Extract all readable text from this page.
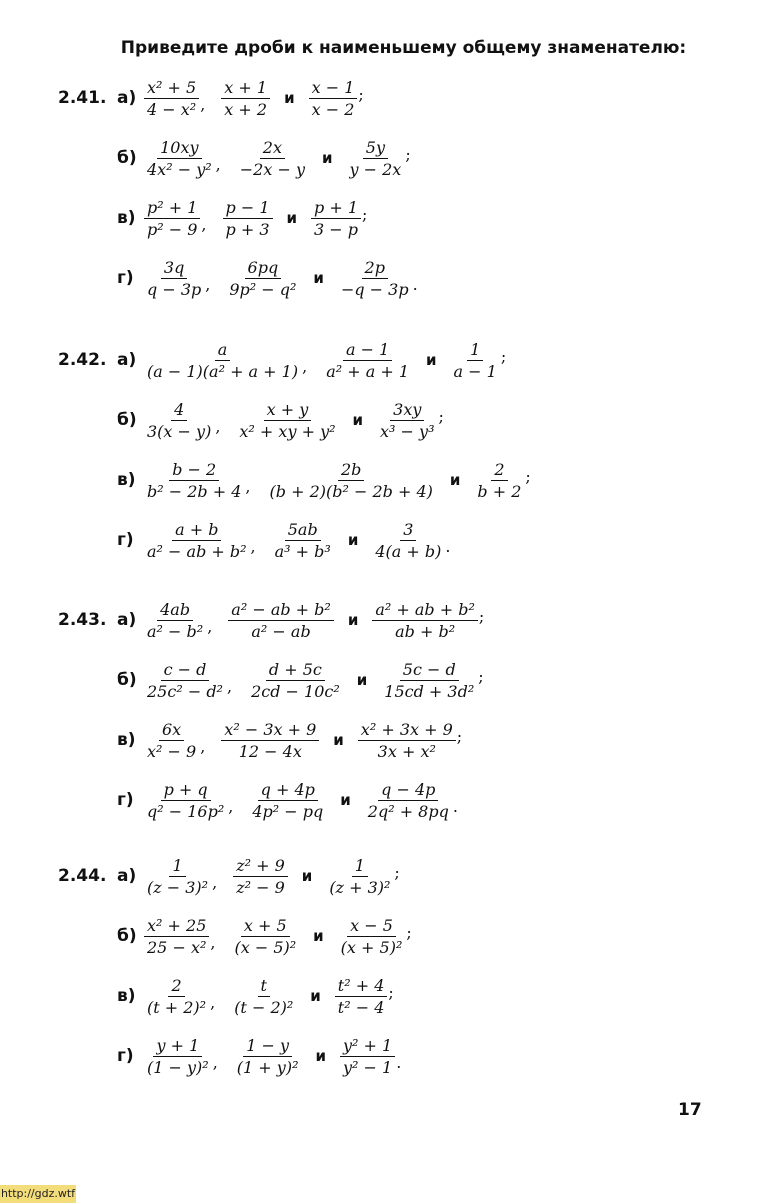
Приведите дроби к наименьшему общему знаменателю:
2.41. $а) \frac{\text{x² + 5}}{\text{4 − x²}}$ , $\frac{x + 1}{x + 2}$ и $\frac{x - 1}{x - 2}$ ;
$б) \frac{10xy}{\text{4x² − y²}}$ , $\frac{2x}{-2x - y}$ и $\frac{5y}{y - 2x}$ ;
$в) \frac{\text{p² + 1}}{\text{p² − 9}}$ , $\frac{p - 1}{p + 3}$ и $\frac{p + 1}{3 - p}$ ;
$г) \frac{3q}{q - 3p}$ , $\frac{6pq}{\text{9p² − q²}}$ и $\frac{2p}{-q - 3p}$ .
2.42. $а) \frac{a}{\text{(a − 1)(a² + a + 1)}}$ , $\frac{a - 1}{\text{a² + a + 1}}$ и $\frac{1}{a - 1}$ ;
$б) \frac{4}{3(x - y)}$ , $\frac{x + y}{\text{x² + xy + y²}}$ и $\frac{3xy}{\text{x³ − y³}}$ ;
$в) \frac{b - 2}{\text{b² − 2b + 4}}$ , $\frac{2b}{\text{(b + 2)(b² − 2b + 4)}}$ и $\frac{2}{b + 2}$ ;
$г) \frac{a + b}{\text{a² − ab + b²}}$ , $\frac{5ab}{\text{a³ + b³}}$ и $\frac{3}{4(a + b)}$ .
2.43. $а) \frac{4ab}{\text{a² − b²}}$ , $\frac{\text{a² − ab + b²}}{\text{a² − ab}}$ и $\frac{\text{a² + ab + b²}}{\text{ab + b²}}$ ;
$б) \frac{c - d}{\text{25c² − d²}}$ , $\frac{d + 5c}{\text{2cd − 10c²}}$ и $\frac{5c - d}{\text{15cd + 3d²}}$ ;
$в) \frac{6x}{\text{x² − 9}}$ , $\frac{\text{x² − 3x + 9}}{12 - 4x}$ и $\frac{\text{x² + 3x + 9}}{\text{3x + x²}}$ ;
$г) \frac{p + q}{\text{q² − 16p²}}$ , $\frac{q + 4p}{\text{4p² − pq}}$ и $\frac{q - 4p}{\text{2q² + 8pq}}$ .
2.44. $а) \frac{1}{\text{(z − 3)²}}$ , $\frac{\text{z² + 9}}{\text{z² − 9}}$ и $\frac{1}{\text{(z + 3)²}}$ ;
$б) \frac{\text{x² + 25}}{\text{25 − x²}}$ , $\frac{x + 5}{\text{(x − 5)²}}$ и $\frac{x - 5}{\text{(x + 5)²}}$ ;
$в) \frac{2}{\text{(t + 2)²}}$ , $\frac{t}{\text{(t − 2)²}}$ и $\frac{\text{t² + 4}}{\text{t² − 4}}$ ;
$г) \frac{y + 1}{\text{(1 − y)²}}$ , $\frac{1 - y}{\text{(1 + y)²}}$ и $\frac{\text{y² + 1}}{\text{y² − 1}}$ .
17
http://gdz.wtf
